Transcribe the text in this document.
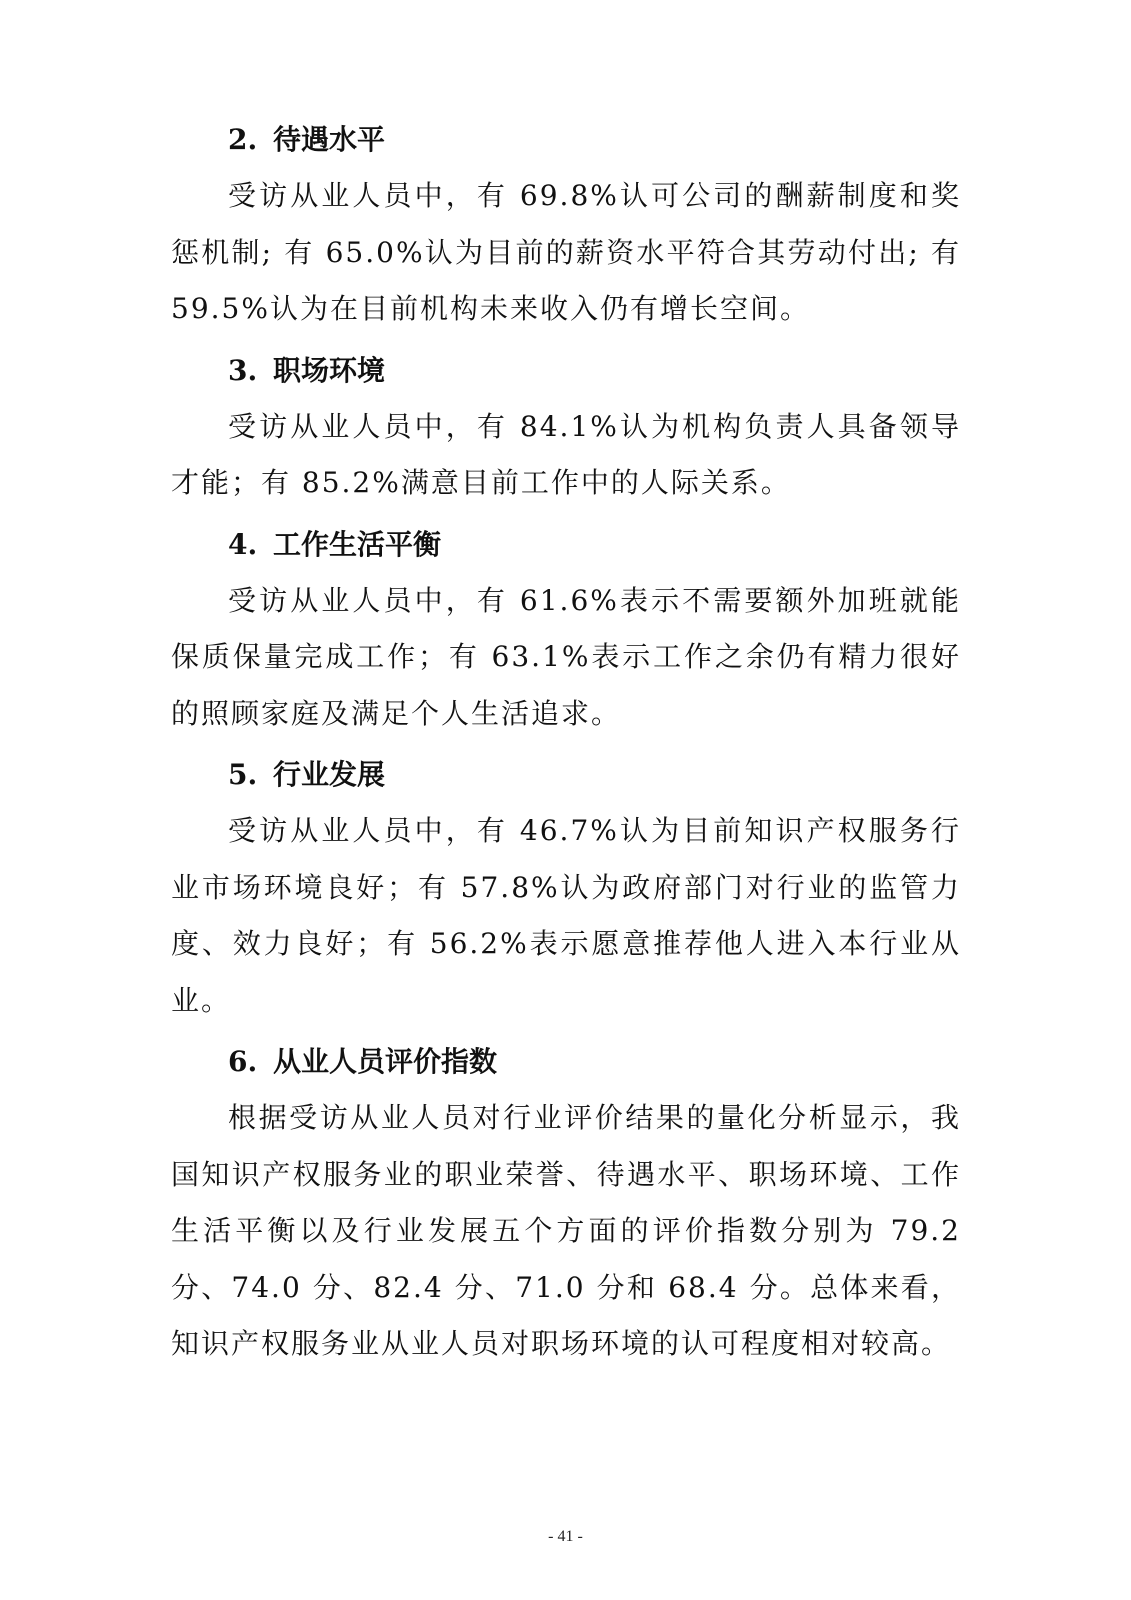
2. 待遇水平

受访从业人员中，有 69.8%认可公司的酬薪制度和奖惩机制; 有 65.0%认为目前的薪资水平符合其劳动付出; 有 59.5%认为在目前机构未来收入仍有增长空间。

3. 职场环境

受访从业人员中，有 84.1%认为机构负责人具备领导才能；有 85.2%满意目前工作中的人际关系。

4. 工作生活平衡

受访从业人员中，有 61.6%表示不需要额外加班就能保质保量完成工作；有 63.1%表示工作之余仍有精力很好的照顾家庭及满足个人生活追求。

5. 行业发展

受访从业人员中，有 46.7%认为目前知识产权服务行业市场环境良好；有 57.8%认为政府部门对行业的监管力度、效力良好；有 56.2%表示愿意推荐他人进入本行业从业。

6. 从业人员评价指数

根据受访从业人员对行业评价结果的量化分析显示，我国知识产权服务业的职业荣誉、待遇水平、职场环境、工作生活平衡以及行业发展五个方面的评价指数分别为 79.2 分、74.0 分、82.4 分、71.0 分和 68.4 分。总体来看，知识产权服务业从业人员对职场环境的认可程度相对较高。

- 41 -
